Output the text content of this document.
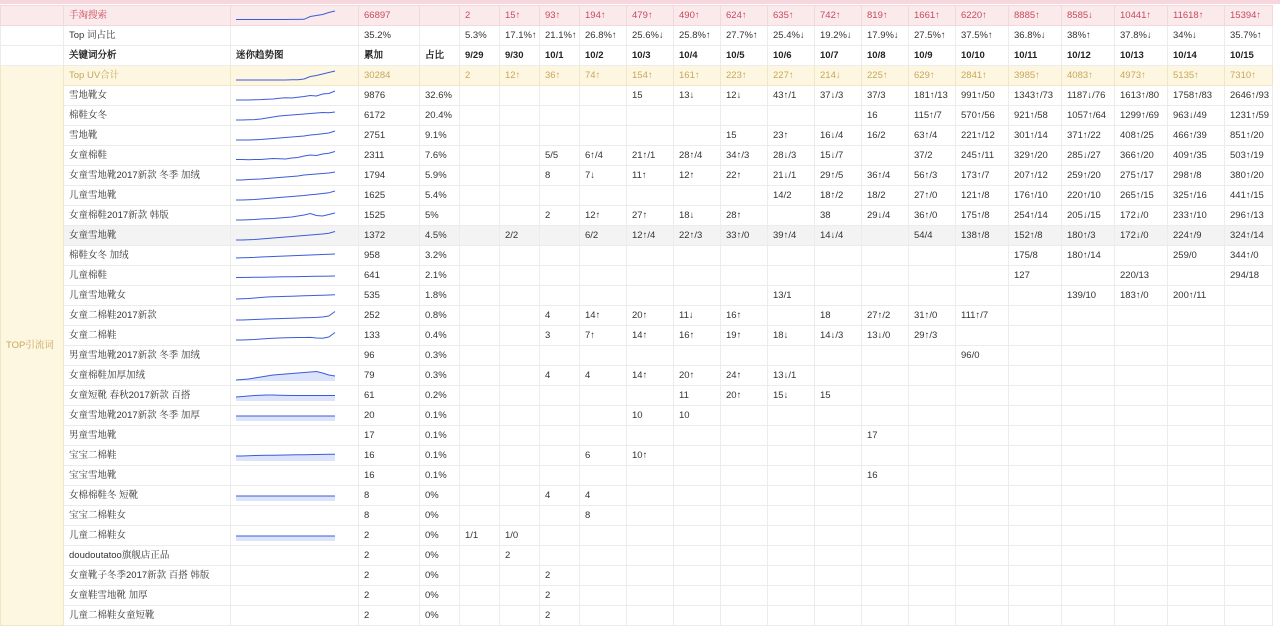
	手淘搜索		66897		2	15↑	93↑	194↑	479↑	490↑	624↑	635↑	742↑	819↑	1661↑	6220↑	8885↑	8585↓	10441↑	11618↑	15394↑
	Top 词占比		35.2%		5.3%	17.1%↑	21.1%↑	26.8%↑	25.6%↓	25.8%↑	27.7%↑	25.4%↓	19.2%↓	17.9%↓	27.5%↑	37.5%↑	36.8%↓	38%↑	37.8%↓	34%↓	35.7%↑
	关键词分析	迷你趋势图	累加	占比	9/29	9/30	10/1	10/2	10/3	10/4	10/5	10/6	10/7	10/8	10/9	10/10	10/11	10/12	10/13	10/14	10/15
TOP引流词	Top UV合计		30284		2	12↑	36↑	74↑	154↑	161↑	223↑	227↑	214↓	225↑	629↑	2841↑	3985↑	4083↑	4973↑	5135↑	7310↑
	雪地靴女		9876	32.6%					15	13↓	12↓	43↑/1	37↓/3	37/3	181↑/13	991↑/50	1343↑/73	1187↓/76	1613↑/80	1758↑/83	2646↑/93
	棉鞋女冬		6172	20.4%										16	115↑/7	570↑/56	921↑/58	1057↑/64	1299↑/69	963↓/49	1231↑/59
	雪地靴		2751	9.1%							15	23↑	16↓/4	16/2	63↑/4	221↑/12	301↑/14	371↑/22	408↑/25	466↑/39	851↑/20
	女童棉鞋		2311	7.6%			5/5	6↑/4	21↑/1	28↑/4	34↑/3	28↓/3	15↓/7		37/2	245↑/11	329↑/20	285↓/27	366↑/20	409↑/35	503↑/19
	女童雪地靴2017新款 冬季 加绒		1794	5.9%			8	7↓	11↑	12↑	22↑	21↓/1	29↑/5	36↑/4	56↑/3	173↑/7	207↑/12	259↑/20	275↑/17	298↑/8	380↑/20
	儿童雪地靴		1625	5.4%								14/2	18↑/2	18/2	27↑/0	121↑/8	176↑/10	220↑/10	265↑/15	325↑/16	441↑/15
	女童棉鞋2017新款 韩版		1525	5%			2	12↑	27↑	18↓	28↑		38	29↓/4	36↑/0	175↑/8	254↑/14	205↓/15	172↓/0	233↑/10	296↑/13
	女童雪地靴		1372	4.5%		2/2		6/2	12↑/4	22↑/3	33↑/0	39↑/4	14↓/4		54/4	138↑/8	152↑/8	180↑/3	172↓/0	224↑/9	324↑/14
	棉鞋女冬 加绒		958	3.2%													175/8	180↑/14		259/0	344↑/0
	儿童棉鞋		641	2.1%													127		220/13		294/18
	儿童雪地靴女		535	1.8%								13/1						139/10	183↑/0	200↑/11	
	女童二棉鞋2017新款		252	0.8%			4	14↑	20↑	11↓	16↑		18	27↑/2	31↑/0	111↑/7					
	女童二棉鞋		133	0.4%			3	7↑	14↑	16↑	19↑	18↓	14↓/3	13↓/0	29↑/3						
	男童雪地靴2017新款 冬季 加绒		96	0.3%												96/0					
	女童棉鞋加厚加绒		79	0.3%			4	4	14↑	20↑	24↑	13↓/1									
	女童短靴 春秋2017新款 百搭		61	0.2%						11	20↑	15↓	15								
	女童雪地靴2017新款 冬季 加厚		20	0.1%					10	10											
	男童雪地靴		17	0.1%										17							
	宝宝二棉鞋		16	0.1%				6	10↑												
	宝宝雪地靴		16	0.1%										16							
	女棉棉鞋冬 短靴		8	0%			4	4													
	宝宝二棉鞋女		8	0%				8													
	儿童二棉鞋女		2	0%	1/1	1/0															
	doudoutatoo旗舰店正品		2	0%		2															
	女童靴子冬季2017新款 百搭 韩版		2	0%			2														
	女童鞋雪地靴 加厚		2	0%			2														
	儿童二棉鞋女童短靴		2	0%			2														
